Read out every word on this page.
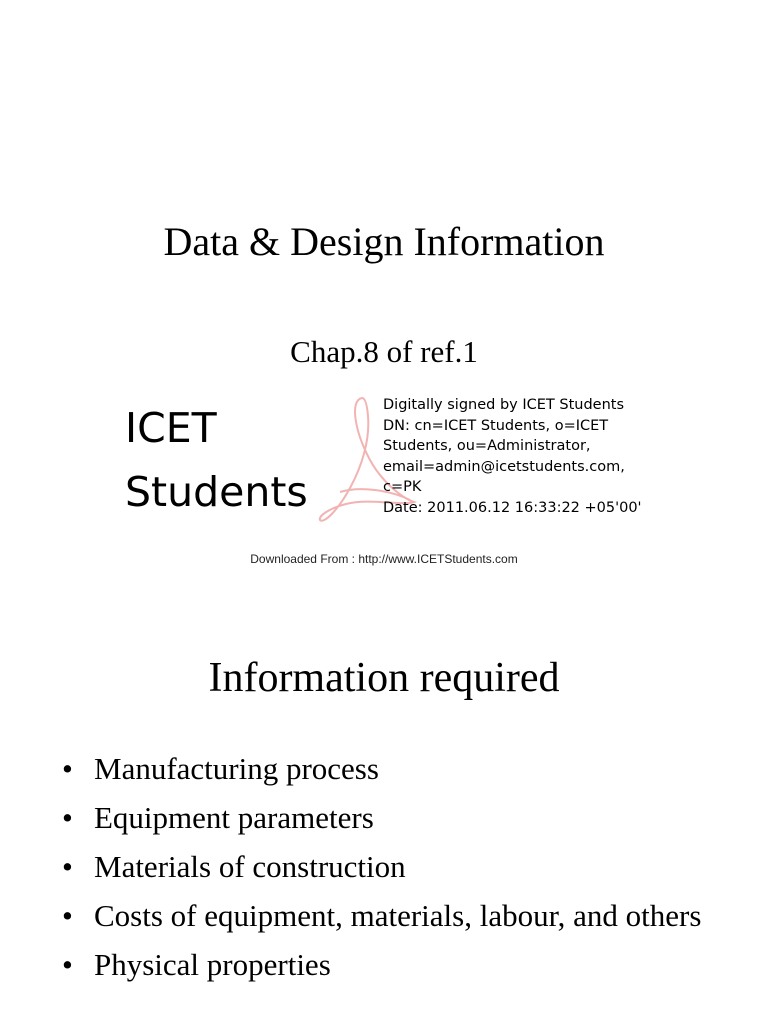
Data & Design Information
Chap.8 of ref.1
ICET
Students
Digitally signed by ICET Students
DN: cn=ICET Students, o=ICET
Students, ou=Administrator,
email=admin@icetstudents.com,
c=PK
Date: 2011.06.12 16:33:22 +05'00'
Downloaded From : http://www.ICETStudents.com
Information required
• Manufacturing process
• Equipment parameters
• Materials of construction
• Costs of equipment, materials, labour, and others
• Physical properties
